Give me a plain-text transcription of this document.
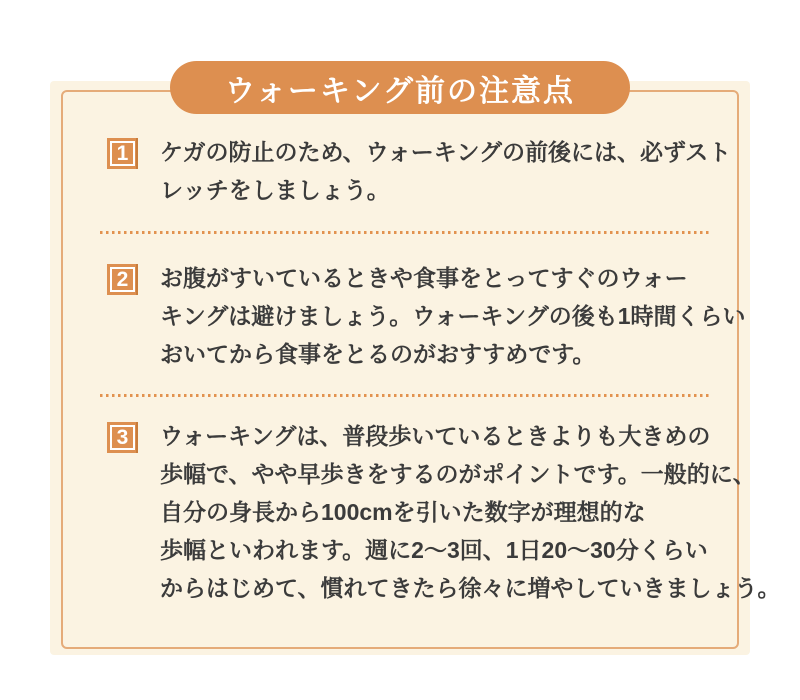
ウォーキング前の注意点
1	ケガの防止のため、ウォーキングの前後には、必ずスト
レッチをしましょう。
2	お腹がすいているときや食事をとってすぐのウォー
キングは避けましょう。ウォーキングの後も1時間くらい
おいてから食事をとるのがおすすめです。
3	ウォーキングは、普段歩いているときよりも大きめの
歩幅で、やや早歩きをするのがポイントです。一般的に、
自分の身長から100cmを引いた数字が理想的な
歩幅といわれます。週に2〜3回、1日20〜30分くらい
からはじめて、慣れてきたら徐々に増やしていきましょう。
